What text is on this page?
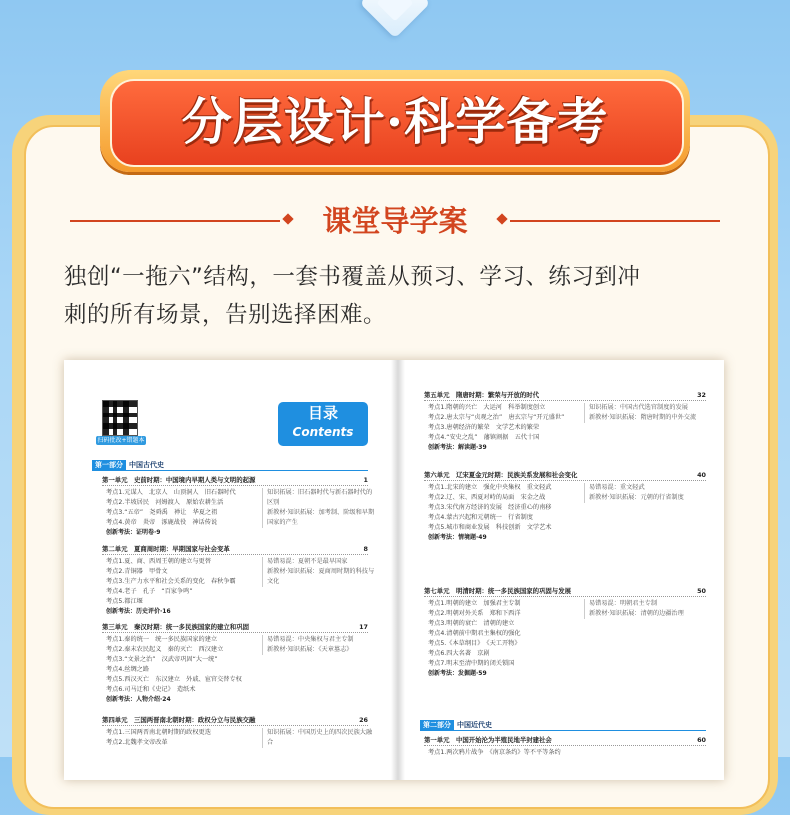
分层设计·科学备考
课堂导学案

独创“一拖六”结构，一套书覆盖从预习、学习、练习到冲

刺的所有场景，告别选择困难。

扫码批改+错题本
目录
Contents
第一部分 中国古代史
第一单元　史前时期：中国境内早期人类与文明的起源	1
考点1.元谋人　北京人　山顶洞人　旧石器时代
考点2.半坡居民　河姆渡人　原始农耕生活
考点3.“五帝”　尧舜禹　禅让　华夏之祖
考点4.黄帝　炎帝　涿鹿战役　神话传说
创新考法：证明卷·9
知识拓展：旧石器时代与新石器时代的区别
新教材·知识拓展：加考制、阶级和早期国家的产生
第二单元　夏商周时期：早期国家与社会变革	8
考点1.夏、商、西周王朝的建立与更替
考点2.青铜器　甲骨文
考点3.生产力水平和社会关系的变化　春秋争霸
考点4.老子　孔子　“百家争鸣”
考点5.都江堰
创新考法：历史评价·16
易错易混：夏朝不是最早国家
新教材·知识拓展：夏商周时期的科技与文化
第三单元　秦汉时期：统一多民族国家的建立和巩固	17
考点1.秦的统一　统一多民族国家的建立
考点2.秦末农民起义　秦的灭亡　西汉建立
考点3.“文景之治”　汉武帝巩固“大一统”
考点4.丝绸之路
考点5.西汉灭亡　东汉建立　外戚、宦官交替专权
考点6.司马迁和《史记》　造纸术
创新考法：人物介绍·24
易错易混：中央集权与君主专制
新教材·知识拓展：《天章墓志》
第四单元　三国两晋南北朝时期：政权分立与民族交融	26
考点1.三国两晋南北朝时期的政权更迭
考点2.北魏孝文帝改革
知识拓展：中国历史上的四次民族大融合
第五单元　隋唐时期：繁荣与开放的时代	32
考点1.隋朝的兴亡　大运河　科举制度创立
考点2.唐太宗与“贞观之治”　唐玄宗与“开元盛世”
考点3.唐朝经济的繁荣　文学艺术的繁荣
考点4.“安史之乱”　藩镇割据　五代十国
创新考法：解读题·39
知识拓展：中国古代选官制度的发展
新教材·知识拓展：隋唐时期的中外交流
第六单元　辽宋夏金元时期：民族关系发展和社会变化	40
考点1.北宋的建立　强化中央集权　重文轻武
考点2.辽、宋、西夏对峙的局面　宋金之战
考点3.宋代南方经济的发展　经济重心的南移
考点4.蒙古兴起和元朝统一　行省制度
考点5.城市和商业发展　科技创新　文学艺术
创新考法：情境题·49
易错易混：重文轻武
新教材·知识拓展：元朝的行省制度
第七单元　明清时期：统一多民族国家的巩固与发展	50
考点1.明朝的建立　加强君主专制
考点2.明朝对外关系　郑和下西洋
考点3.明朝的衰亡　清朝的建立
考点4.清朝前中期君主集权的强化
考点5.《本草纲目》　《天工开物》
考点6.四大名著　京剧
考点7.明末至清中期的闭关锁国
创新考法：发掘题·59
易错易混：明朝君主专制
新教材·知识拓展：清朝的边疆治理
第二部分 中国近代史
第一单元　中国开始沦为半殖民地半封建社会	60
考点1.两次鸦片战争　《南京条约》等不平等条约
